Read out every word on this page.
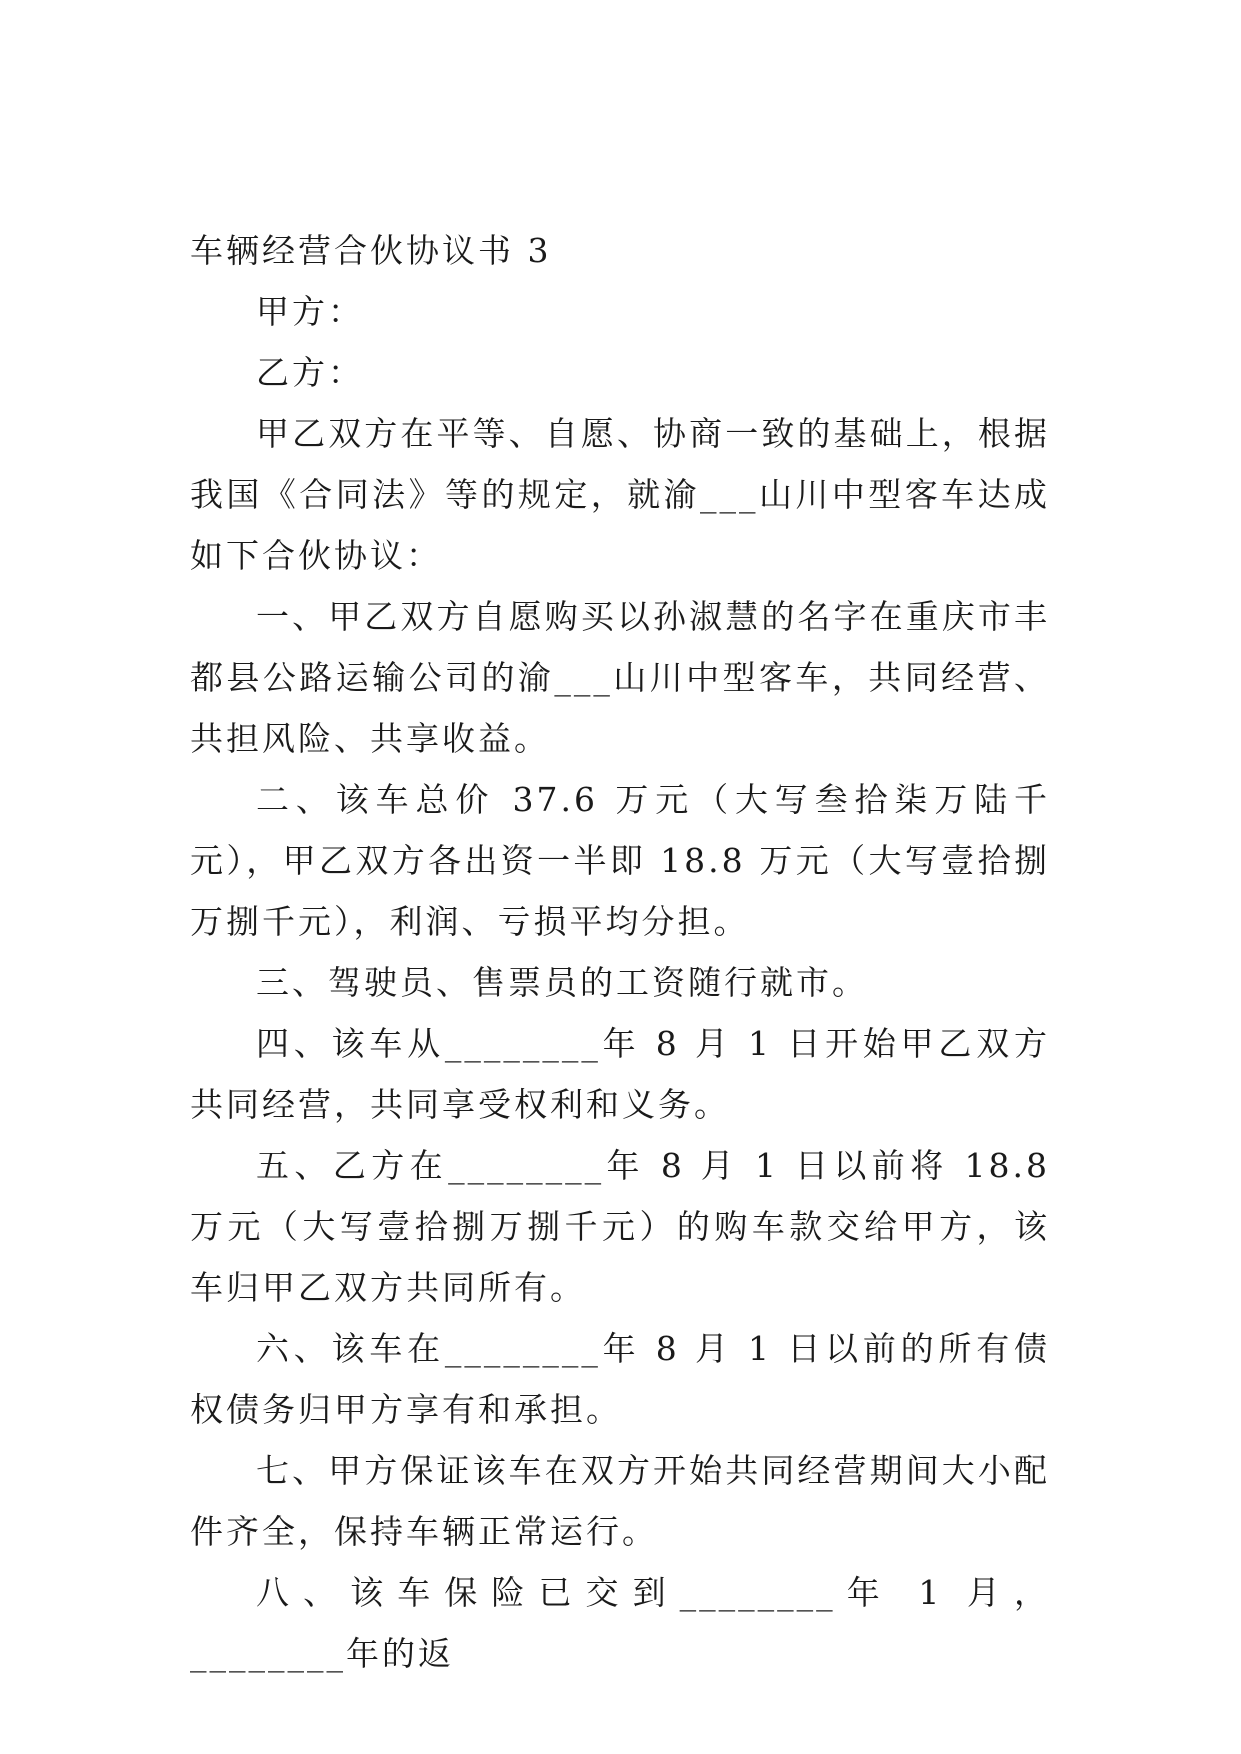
车辆经营合伙协议书 3

甲方：

乙方：

甲乙双方在平等、自愿、协商一致的基础上，根据我国《合同法》等的规定，就渝___山川中型客车达成如下合伙协议：

一、甲乙双方自愿购买以孙淑慧的名字在重庆市丰都县公路运输公司的渝___山川中型客车，共同经营、共担风险、共享收益。

二、该车总价 37.6 万元（大写叁拾柒万陆千元），甲乙双方各出资一半即 18.8 万元（大写壹拾捌万捌千元），利润、亏损平均分担。

三、驾驶员、售票员的工资随行就市。

四、该车从________年 8 月 1 日开始甲乙双方共同经营，共同享受权利和义务。

五、乙方在________年 8 月 1 日以前将 18.8 万元（大写壹拾捌万捌千元）的购车款交给甲方，该车归甲乙双方共同所有。

六、该车在________年 8 月 1 日以前的所有债权债务归甲方享有和承担。

七、甲方保证该车在双方开始共同经营期间大小配件齐全，保持车辆正常运行。

八、该车保险已交到________年 1 月，________年的返
